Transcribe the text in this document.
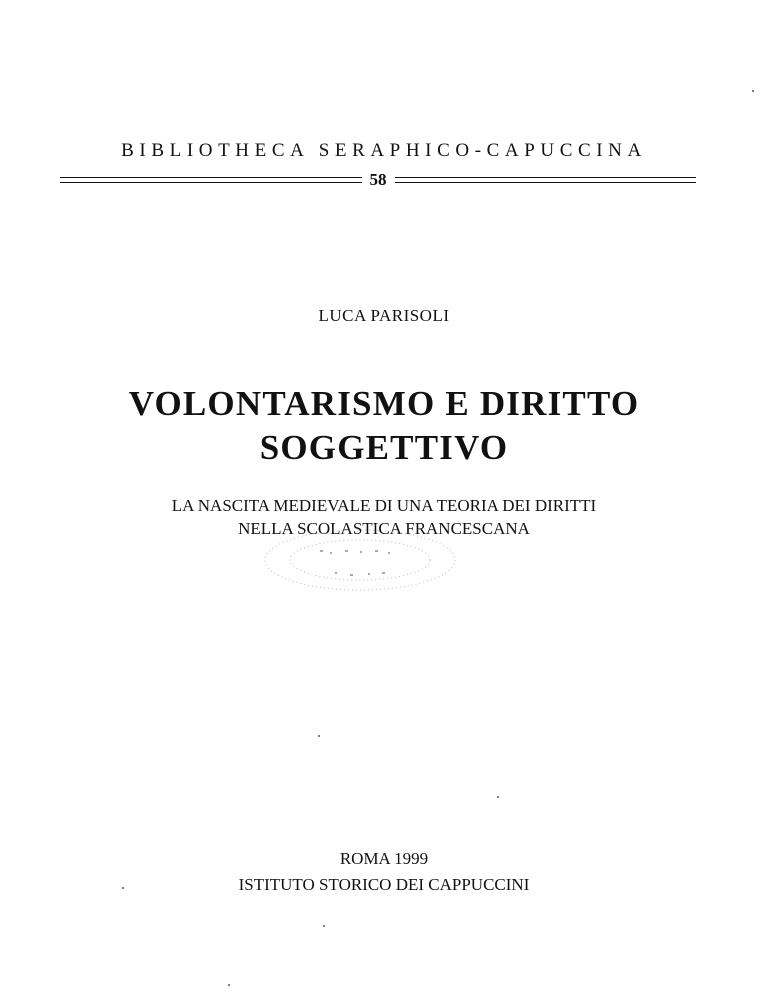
BIBLIOTHECA SERAPHICO-CAPUCCINA
58
LUCA PARISOLI
VOLONTARISMO E DIRITTO
SOGGETTIVO
LA NASCITA MEDIEVALE DI UNA TEORIA DEI DIRITTI
NELLA SCOLASTICA FRANCESCANA
ROMA 1999
ISTITUTO STORICO DEI CAPPUCCINI
